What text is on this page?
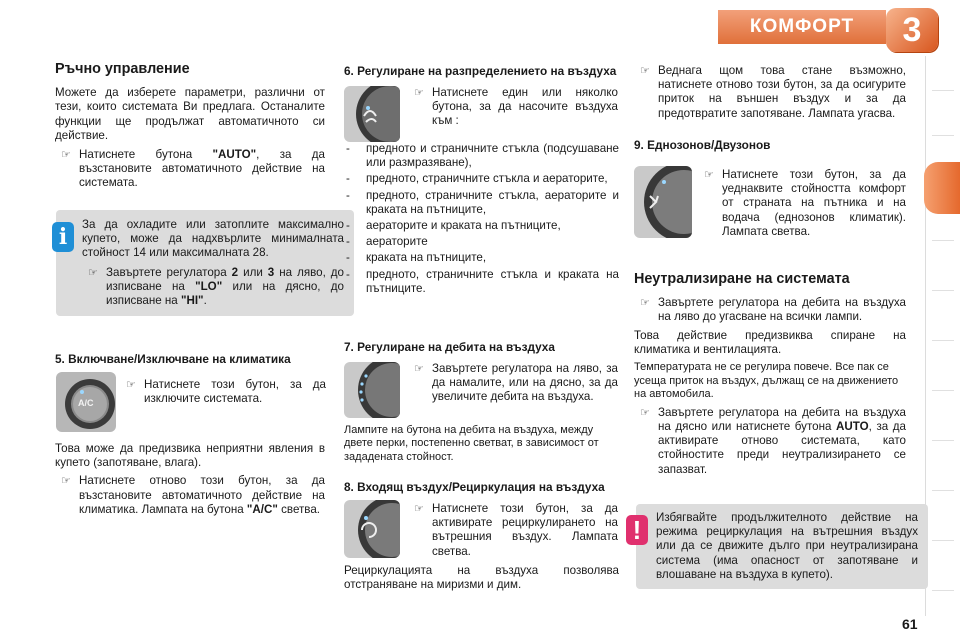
КОМФОРТ	3

Ръчно управление

Можете да изберете параметри, различни от тези, които системата Ви предлага. Останалите функции ще продължат автоматичното си действие.

☞ Натиснете бутона "AUTO", за да възстановите автоматичното действие на системата.

За да охладите или затоплите максимално купето, може да надхвърлите минималната стойност 14 или максималната 28.

☞ Завъртете регулатора 2 или 3 на ляво, до изписване на "LO" или на дясно, до изписване на "HI".

i

5. Включване/Изключване на климатика

A/C

☞ Натиснете този бутон, за да изключите системата.

Това може да предизвика неприятни явления в купето (запотяване, влага).

☞ Натиснете отново този бутон, за да възстановите автоматичното действие на климатика. Лампата на бутона "A/C" светва.

6. Регулиране на разпределението на въздуха

☞ Натиснете един или няколко бутона, за да насочите въздуха към :

- предното и страничните стъкла (подсушаване или размразяване),

- предното, страничните стъкла и аераторите,

- предното, страничните стъкла, аераторите и краката на пътниците,

- аераторите и краката на пътниците,

- аераторите

- краката на пътниците,

- предното, страничните стъкла и краката на пътниците.

7. Регулиране на дебита на въздуха

☞ Завъртете регулатора на ляво, за да намалите, или на дясно, за да увеличите дебита на въздуха.

Лампите на бутона на дебита на въздуха, между двете перки, постепенно светват, в зависимост от зададената стойност.

8. Входящ въздух/Рециркулация на въздуха

☞ Натиснете този бутон, за да активирате рециркулирането на вътрешния въздух. Лампата светва.

Рециркулацията на въздуха позволява отстраняване на миризми и дим.

☞ Веднага щом това стане възможно, натиснете отново този бутон, за да осигурите приток на външен въздух и за да предотвратите запотяване. Лампата угасва.

9. Еднозонов/Двузонов

☞ Натиснете този бутон, за да уеднаквите стойността комфорт от страната на пътника и на водача (еднозонов климатик). Лампата светва.

Неутрализиране на системата

☞ Завъртете регулатора на дебита на въздуха на ляво до угасване на всички лампи.

Това действие предизвиква спиране на климатика и вентилацията.

Температурата не се регулира повече. Все пак се усеща приток на въздух, дължащ се на движението на автомобила.

☞ Завъртете регулатора на дебита на въздуха на дясно или натиснете бутона AUTO, за да активирате отново системата, като стойностите преди неутрализирането се запазват.

Избягвайте продължителното действие на режима рециркулация на вътрешния въздух или да се движите дълго при неутрализирана система (има опасност от запотяване и влошаване на въздуха в купето).

!
61
